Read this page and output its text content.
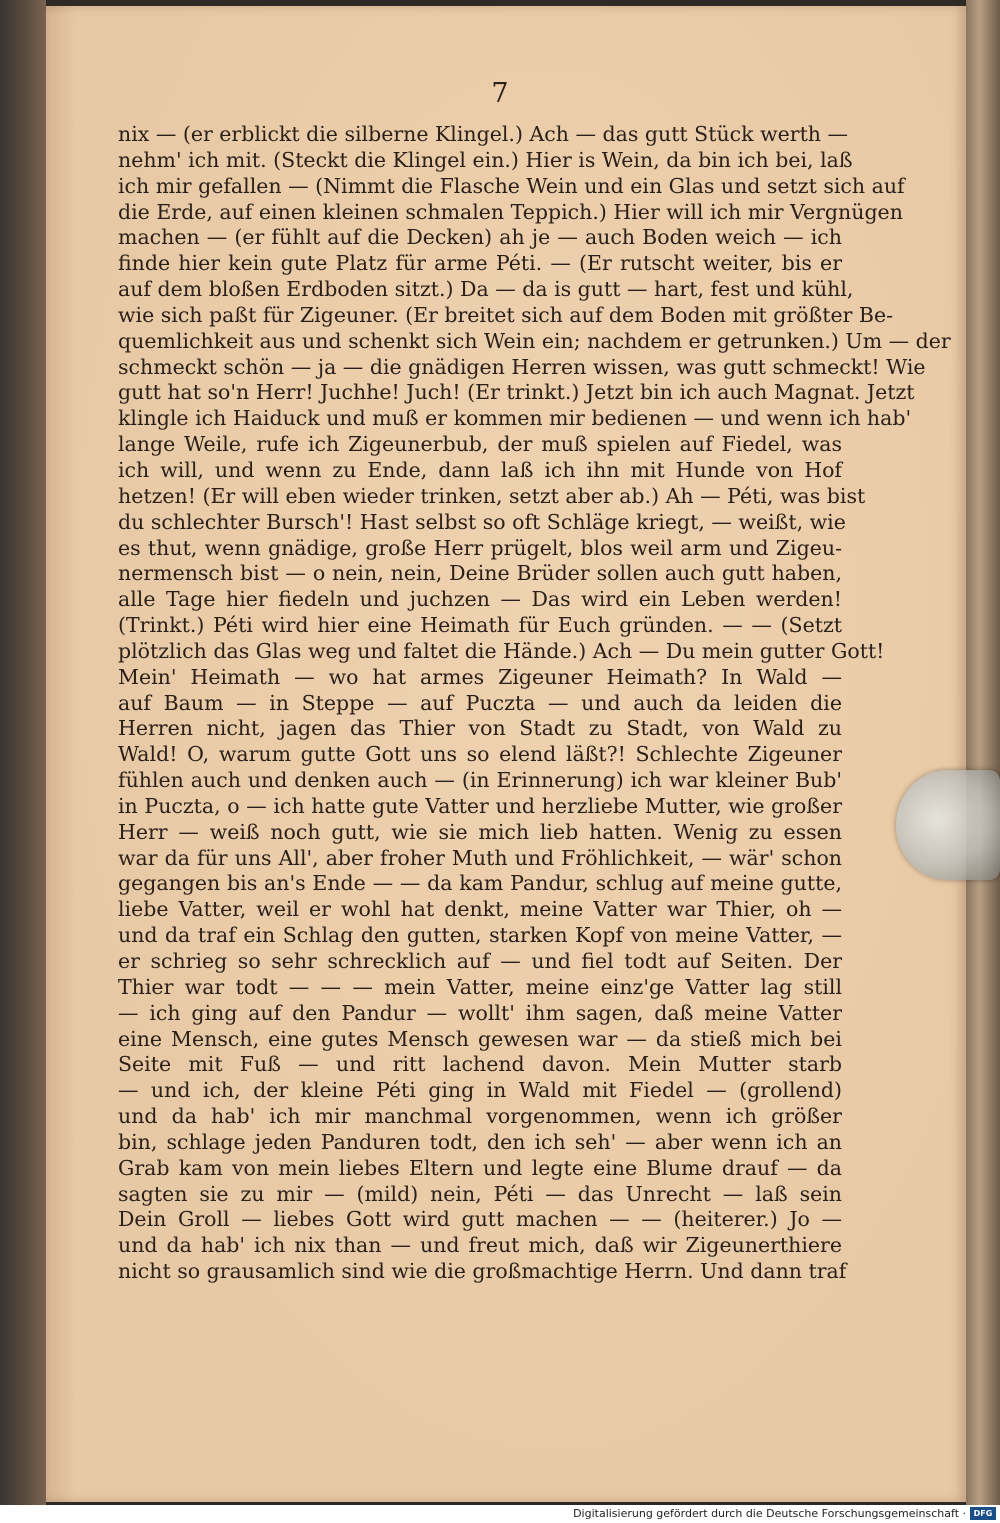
7
nix — (er erblickt die silberne Klingel.) Ach — das gutt Stück werth —
nehm' ich mit. (Steckt die Klingel ein.) Hier is Wein, da bin ich bei, laß
ich mir gefallen — (Nimmt die Flasche Wein und ein Glas und setzt sich auf
die Erde, auf einen kleinen schmalen Teppich.) Hier will ich mir Vergnügen
machen — (er fühlt auf die Decken) ah je — auch Boden weich — ich
finde hier kein gute Platz für arme Péti. — (Er rutscht weiter, bis er
auf dem bloßen Erdboden sitzt.) Da — da is gutt — hart, fest und kühl,
wie sich paßt für Zigeuner. (Er breitet sich auf dem Boden mit größter Be-
quemlichkeit aus und schenkt sich Wein ein; nachdem er getrunken.) Um — der
schmeckt schön — ja — die gnädigen Herren wissen, was gutt schmeckt! Wie
gutt hat so'n Herr! Juchhe! Juch! (Er trinkt.) Jetzt bin ich auch Magnat. Jetzt
klingle ich Haiduck und muß er kommen mir bedienen — und wenn ich hab'
lange Weile, rufe ich Zigeunerbub, der muß spielen auf Fiedel, was
ich will, und wenn zu Ende, dann laß ich ihn mit Hunde von Hof
hetzen! (Er will eben wieder trinken, setzt aber ab.) Ah — Péti, was bist
du schlechter Bursch'! Hast selbst so oft Schläge kriegt, — weißt, wie
es thut, wenn gnädige, große Herr prügelt, blos weil arm und Zigeu-
nermensch bist — o nein, nein, Deine Brüder sollen auch gutt haben,
alle Tage hier fiedeln und juchzen — Das wird ein Leben werden!
(Trinkt.) Péti wird hier eine Heimath für Euch gründen. — — (Setzt
plötzlich das Glas weg und faltet die Hände.) Ach — Du mein gutter Gott!
Mein' Heimath — wo hat armes Zigeuner Heimath? In Wald —
auf Baum — in Steppe — auf Puczta — und auch da leiden die
Herren nicht, jagen das Thier von Stadt zu Stadt, von Wald zu
Wald! O, warum gutte Gott uns so elend läßt?! Schlechte Zigeuner
fühlen auch und denken auch — (in Erinnerung) ich war kleiner Bub'
in Puczta, o — ich hatte gute Vatter und herzliebe Mutter, wie großer
Herr — weiß noch gutt, wie sie mich lieb hatten. Wenig zu essen
war da für uns All', aber froher Muth und Fröhlichkeit, — wär' schon
gegangen bis an's Ende — — da kam Pandur, schlug auf meine gutte,
liebe Vatter, weil er wohl hat denkt, meine Vatter war Thier, oh —
und da traf ein Schlag den gutten, starken Kopf von meine Vatter, —
er schrieg so sehr schrecklich auf — und fiel todt auf Seiten. Der
Thier war todt — — — mein Vatter, meine einz'ge Vatter lag still
— ich ging auf den Pandur — wollt' ihm sagen, daß meine Vatter
eine Mensch, eine gutes Mensch gewesen war — da stieß mich bei
Seite mit Fuß — und ritt lachend davon. Mein Mutter starb
— und ich, der kleine Péti ging in Wald mit Fiedel — (grollend)
und da hab' ich mir manchmal vorgenommen, wenn ich größer
bin, schlage jeden Panduren todt, den ich seh' — aber wenn ich an
Grab kam von mein liebes Eltern und legte eine Blume drauf — da
sagten sie zu mir — (mild) nein, Péti — das Unrecht — laß sein
Dein Groll — liebes Gott wird gutt machen — — (heiterer.) Jo —
und da hab' ich nix than — und freut mich, daß wir Zigeunerthiere
nicht so grausamlich sind wie die großmachtige Herrn. Und dann traf
Digitalisierung gefördert durch die Deutsche Forschungsgemeinschaft · DFG
